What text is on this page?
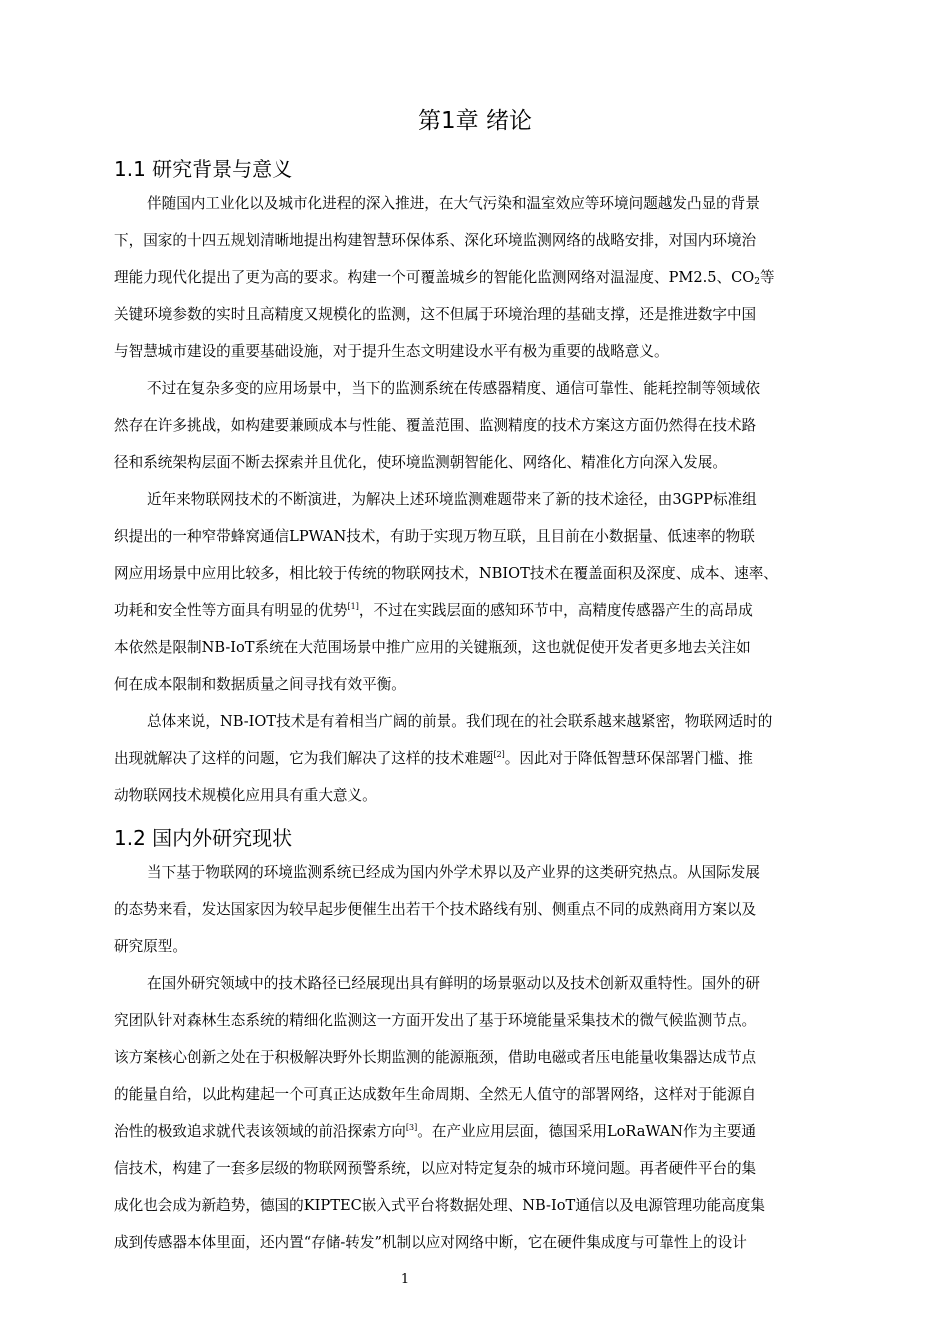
第1章 绪论
1.1 研究背景与意义
伴随国内工业化以及城市化进程的深入推进，在大气污染和温室效应等环境问题越发凸显的背景
下，国家的十四五规划清晰地提出构建智慧环保体系、深化环境监测网络的战略安排，对国内环境治
理能力现代化提出了更为高的要求。构建一个可覆盖城乡的智能化监测网络对温湿度、PM2.5、$CO_2$等
关键环境参数的实时且高精度又规模化的监测，这不但属于环境治理的基础支撑，还是推进数字中国
与智慧城市建设的重要基础设施，对于提升生态文明建设水平有极为重要的战略意义。
不过在复杂多变的应用场景中，当下的监测系统在传感器精度、通信可靠性、能耗控制等领域依
然存在许多挑战，如构建要兼顾成本与性能、覆盖范围、监测精度的技术方案这方面仍然得在技术路
径和系统架构层面不断去探索并且优化，使环境监测朝智能化、网络化、精准化方向深入发展。
近年来物联网技术的不断演进，为解决上述环境监测难题带来了新的技术途径，由3GPP标准组
织提出的一种窄带蜂窝通信LPWAN技术，有助于实现万物互联，且目前在小数据量、低速率的物联
网应用场景中应用比较多，相比较于传统的物联网技术，NBIOT技术在覆盖面积及深度、成本、速率、
功耗和安全性等方面具有明显的优势[1]，不过在实践层面的感知环节中，高精度传感器产生的高昂成
本依然是限制NB-IoT系统在大范围场景中推广应用的关键瓶颈，这也就促使开发者更多地去关注如
何在成本限制和数据质量之间寻找有效平衡。
总体来说，NB-IOT技术是有着相当广阔的前景。我们现在的社会联系越来越紧密，物联网适时的
出现就解决了这样的问题，它为我们解决了这样的技术难题[2]。因此对于降低智慧环保部署门槛、推
动物联网技术规模化应用具有重大意义。
1.2 国内外研究现状
当下基于物联网的环境监测系统已经成为国内外学术界以及产业界的这类研究热点。从国际发展
的态势来看，发达国家因为较早起步便催生出若干个技术路线有别、侧重点不同的成熟商用方案以及
研究原型。
在国外研究领域中的技术路径已经展现出具有鲜明的场景驱动以及技术创新双重特性。国外的研
究团队针对森林生态系统的精细化监测这一方面开发出了基于环境能量采集技术的微气候监测节点。
该方案核心创新之处在于积极解决野外长期监测的能源瓶颈，借助电磁或者压电能量收集器达成节点
的能量自给，以此构建起一个可真正达成数年生命周期、全然无人值守的部署网络，这样对于能源自
治性的极致追求就代表该领域的前沿探索方向[3]。在产业应用层面，德国采用LoRaWAN作为主要通
信技术，构建了一套多层级的物联网预警系统，以应对特定复杂的城市环境问题。再者硬件平台的集
成化也会成为新趋势，德国的KIPTEC嵌入式平台将数据处理、NB-IoT通信以及电源管理功能高度集
成到传感器本体里面，还内置“存储-转发”机制以应对网络中断，它在硬件集成度与可靠性上的设计
1
